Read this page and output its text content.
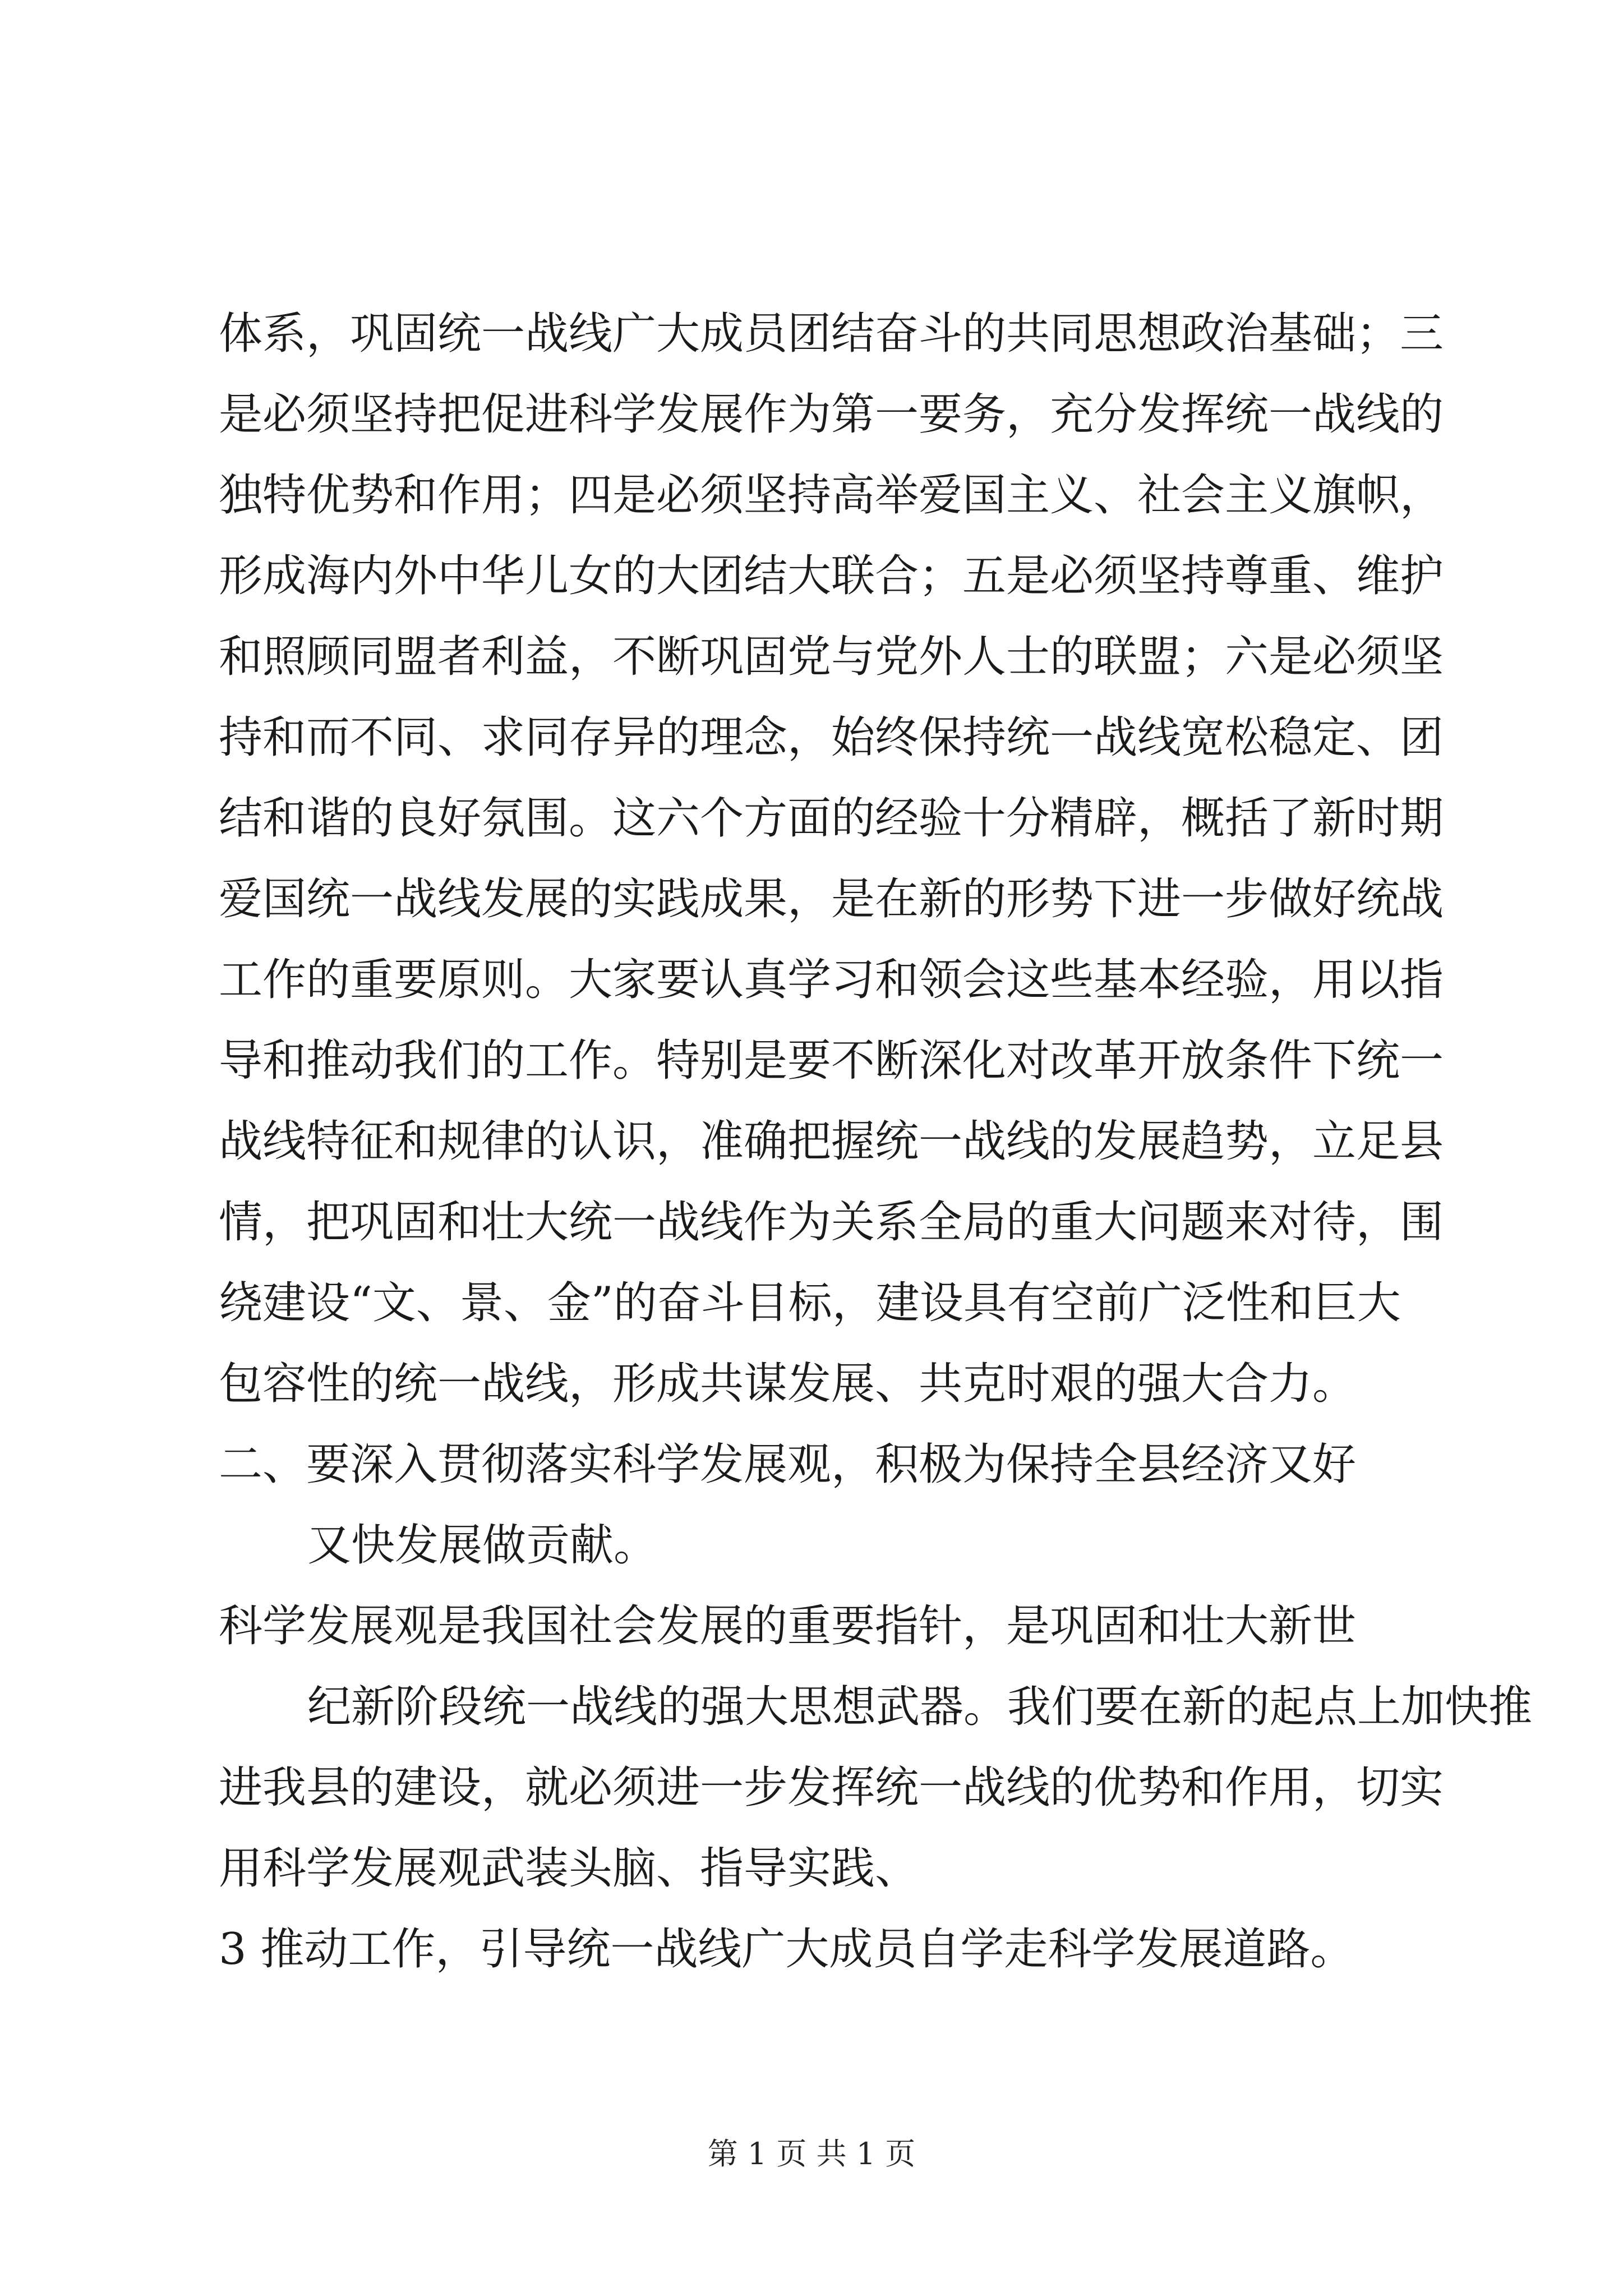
体系，巩固统一战线广大成员团结奋斗的共同思想政治基础；三
是必须坚持把促进科学发展作为第一要务，充分发挥统一战线的
独特优势和作用；四是必须坚持高举爱国主义、社会主义旗帜，
形成海内外中华儿女的大团结大联合；五是必须坚持尊重、维护
和照顾同盟者利益，不断巩固党与党外人士的联盟；六是必须坚
持和而不同、求同存异的理念，始终保持统一战线宽松稳定、团
结和谐的良好氛围。这六个方面的经验十分精辟，概括了新时期
爱国统一战线发展的实践成果，是在新的形势下进一步做好统战
工作的重要原则。大家要认真学习和领会这些基本经验，用以指
导和推动我们的工作。特别是要不断深化对改革开放条件下统一
战线特征和规律的认识，准确把握统一战线的发展趋势，立足县
情，把巩固和壮大统一战线作为关系全局的重大问题来对待，围
绕建设“文、景、金”的奋斗目标，建设具有空前广泛性和巨大
包容性的统一战线，形成共谋发展、共克时艰的强大合力。
二、要深入贯彻落实科学发展观，积极为保持全县经济又好
又快发展做贡献。
科学发展观是我国社会发展的重要指针，是巩固和壮大新世
纪新阶段统一战线的强大思想武器。我们要在新的起点上加快推
进我县的建设，就必须进一步发挥统一战线的优势和作用，切实
用科学发展观武装头脑、指导实践、
3 推动工作，引导统一战线广大成员自学走科学发展道路。
第 1 页 共 1 页
